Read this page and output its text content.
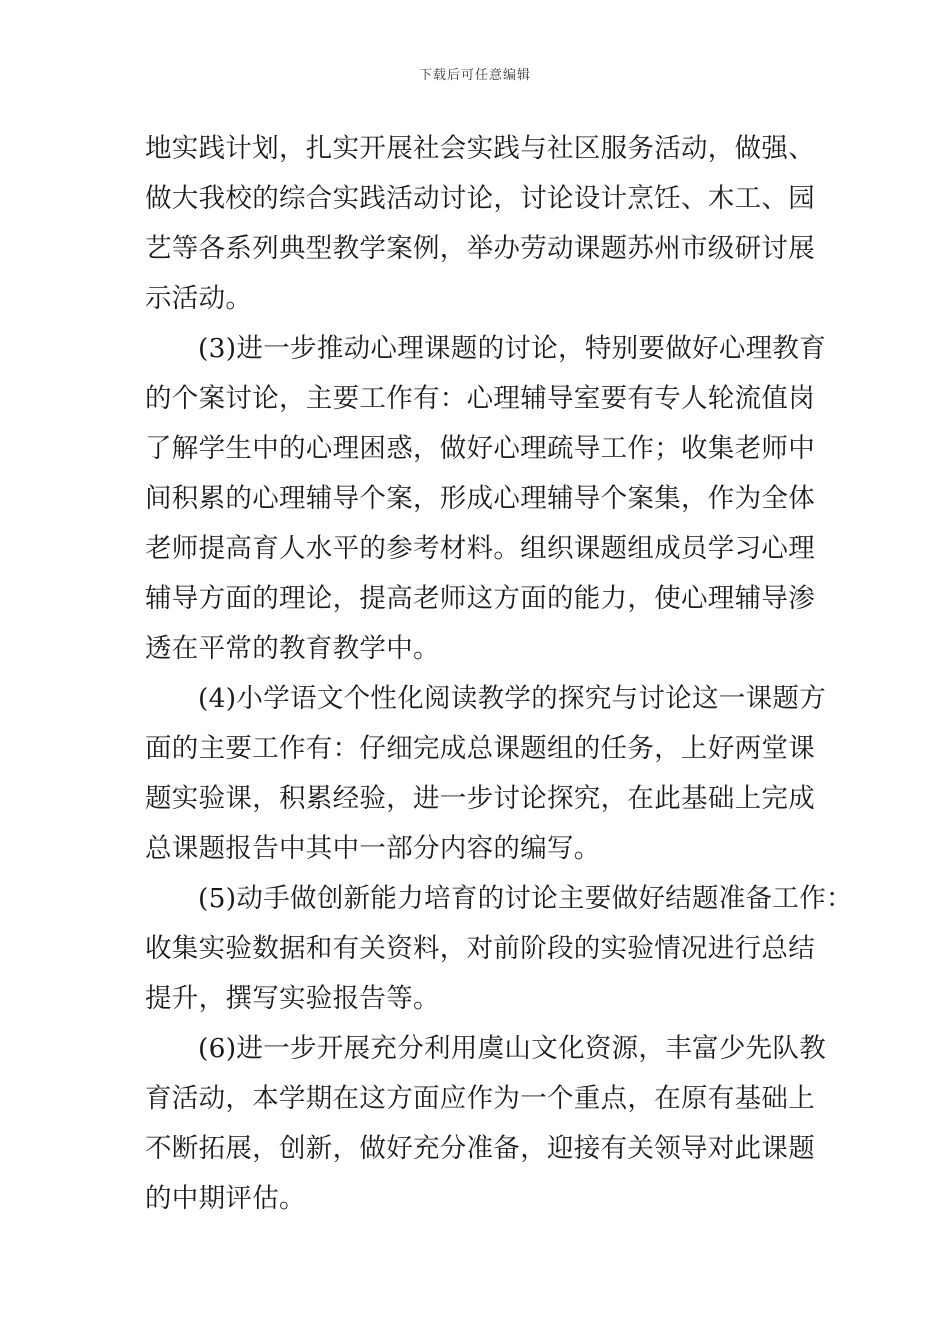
下载后可任意编辑
地实践计划，扎实开展社会实践与社区服务活动，做强、
做大我校的综合实践活动讨论，讨论设计烹饪、木工、园
艺等各系列典型教学案例，举办劳动课题苏州市级研讨展
示活动。
(3)进一步推动心理课题的讨论，特别要做好心理教育
的个案讨论，主要工作有：心理辅导室要有专人轮流值岗
了解学生中的心理困惑，做好心理疏导工作；收集老师中
间积累的心理辅导个案，形成心理辅导个案集，作为全体
老师提高育人水平的参考材料。组织课题组成员学习心理
辅导方面的理论，提高老师这方面的能力，使心理辅导渗
透在平常的教育教学中。
(4)小学语文个性化阅读教学的探究与讨论这一课题方
面的主要工作有：仔细完成总课题组的任务，上好两堂课
题实验课，积累经验，进一步讨论探究，在此基础上完成
总课题报告中其中一部分内容的编写。
(5)动手做创新能力培育的讨论主要做好结题准备工作：
收集实验数据和有关资料，对前阶段的实验情况进行总结
提升，撰写实验报告等。
(6)进一步开展充分利用虞山文化资源，丰富少先队教
育活动，本学期在这方面应作为一个重点，在原有基础上
不断拓展，创新，做好充分准备，迎接有关领导对此课题
的中期评估。
